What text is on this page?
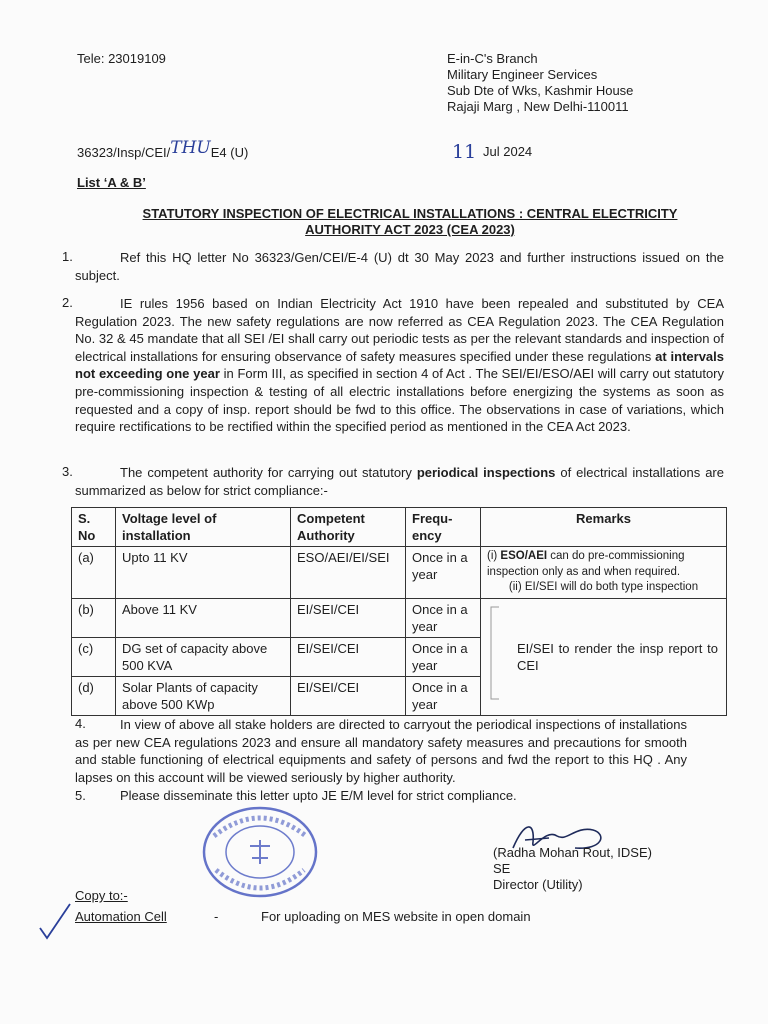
Tele: 23019109	E-in-C's Branch
Military Engineer Services
Sub Dte of Wks, Kashmir House
Rajaji Marg , New Delhi-110011
36323/Insp/CEI/THUE4 (U)	11 Jul 2024
List ‘A & B’
STATUTORY INSPECTION OF ELECTRICAL INSTALLATIONS : CENTRAL ELECTRICITY
AUTHORITY ACT 2023 (CEA 2023)
1.	Ref this HQ letter No 36323/Gen/CEI/E-4 (U) dt 30 May 2023 and further instructions issued on the subject.
2.	IE rules 1956 based on Indian Electricity Act 1910 have been repealed and substituted by CEA Regulation 2023. The new safety regulations are now referred as CEA Regulation 2023. The CEA Regulation No. 32 & 45 mandate that all SEI /EI shall carry out periodic tests as per the relevant standards and inspection of electrical installations for ensuring observance of safety measures specified under these regulations at intervals not exceeding one year in Form III, as specified in section 4 of Act . The SEI/EI/ESO/AEI will carry out statutory pre-commissioning inspection & testing of all electric installations before energizing the systems as soon as requested and a copy of insp. report should be fwd to this office. The observations in case of variations, which require rectifications to be rectified within the specified period as mentioned in the CEA Act 2023.
3.	The competent authority for carrying out statutory periodical inspections of electrical installations are summarized as below for strict compliance:-
S. No	Voltage level of installation	Competent Authority	Frequ-ency	Remarks
(a)	Upto 11 KV	ESO/AEI/EI/SEI	Once in a year	(i) ESO/AEI can do pre-commissioning inspection only as and when required.
(ii) EI/SEI will do both type inspection

(b)	Above 11 KV	EI/SEI/CEI	Once in a year	EI/SEI to render the insp report to CEI

(c)	DG set of capacity above 500 KVA	EI/SEI/CEI	Once in a year	
(d)	Solar Plants of capacity above 500 KWp	EI/SEI/CEI	Once in a year	
4.	In view of above all stake holders are directed to carryout the periodical inspections of installations as per new CEA regulations 2023 and ensure all mandatory safety measures and precautions for smooth and stable functioning of electrical equipments and safety of persons and fwd the report to this HQ . Any lapses on this account will be viewed seriously by higher authority.
5.	Please disseminate this letter upto JE E/M level for strict compliance.
(Radha Mohan Rout, IDSE)
SE
Director (Utility)
Copy to:-
Automation Cell	-	For uploading on MES website in open domain
